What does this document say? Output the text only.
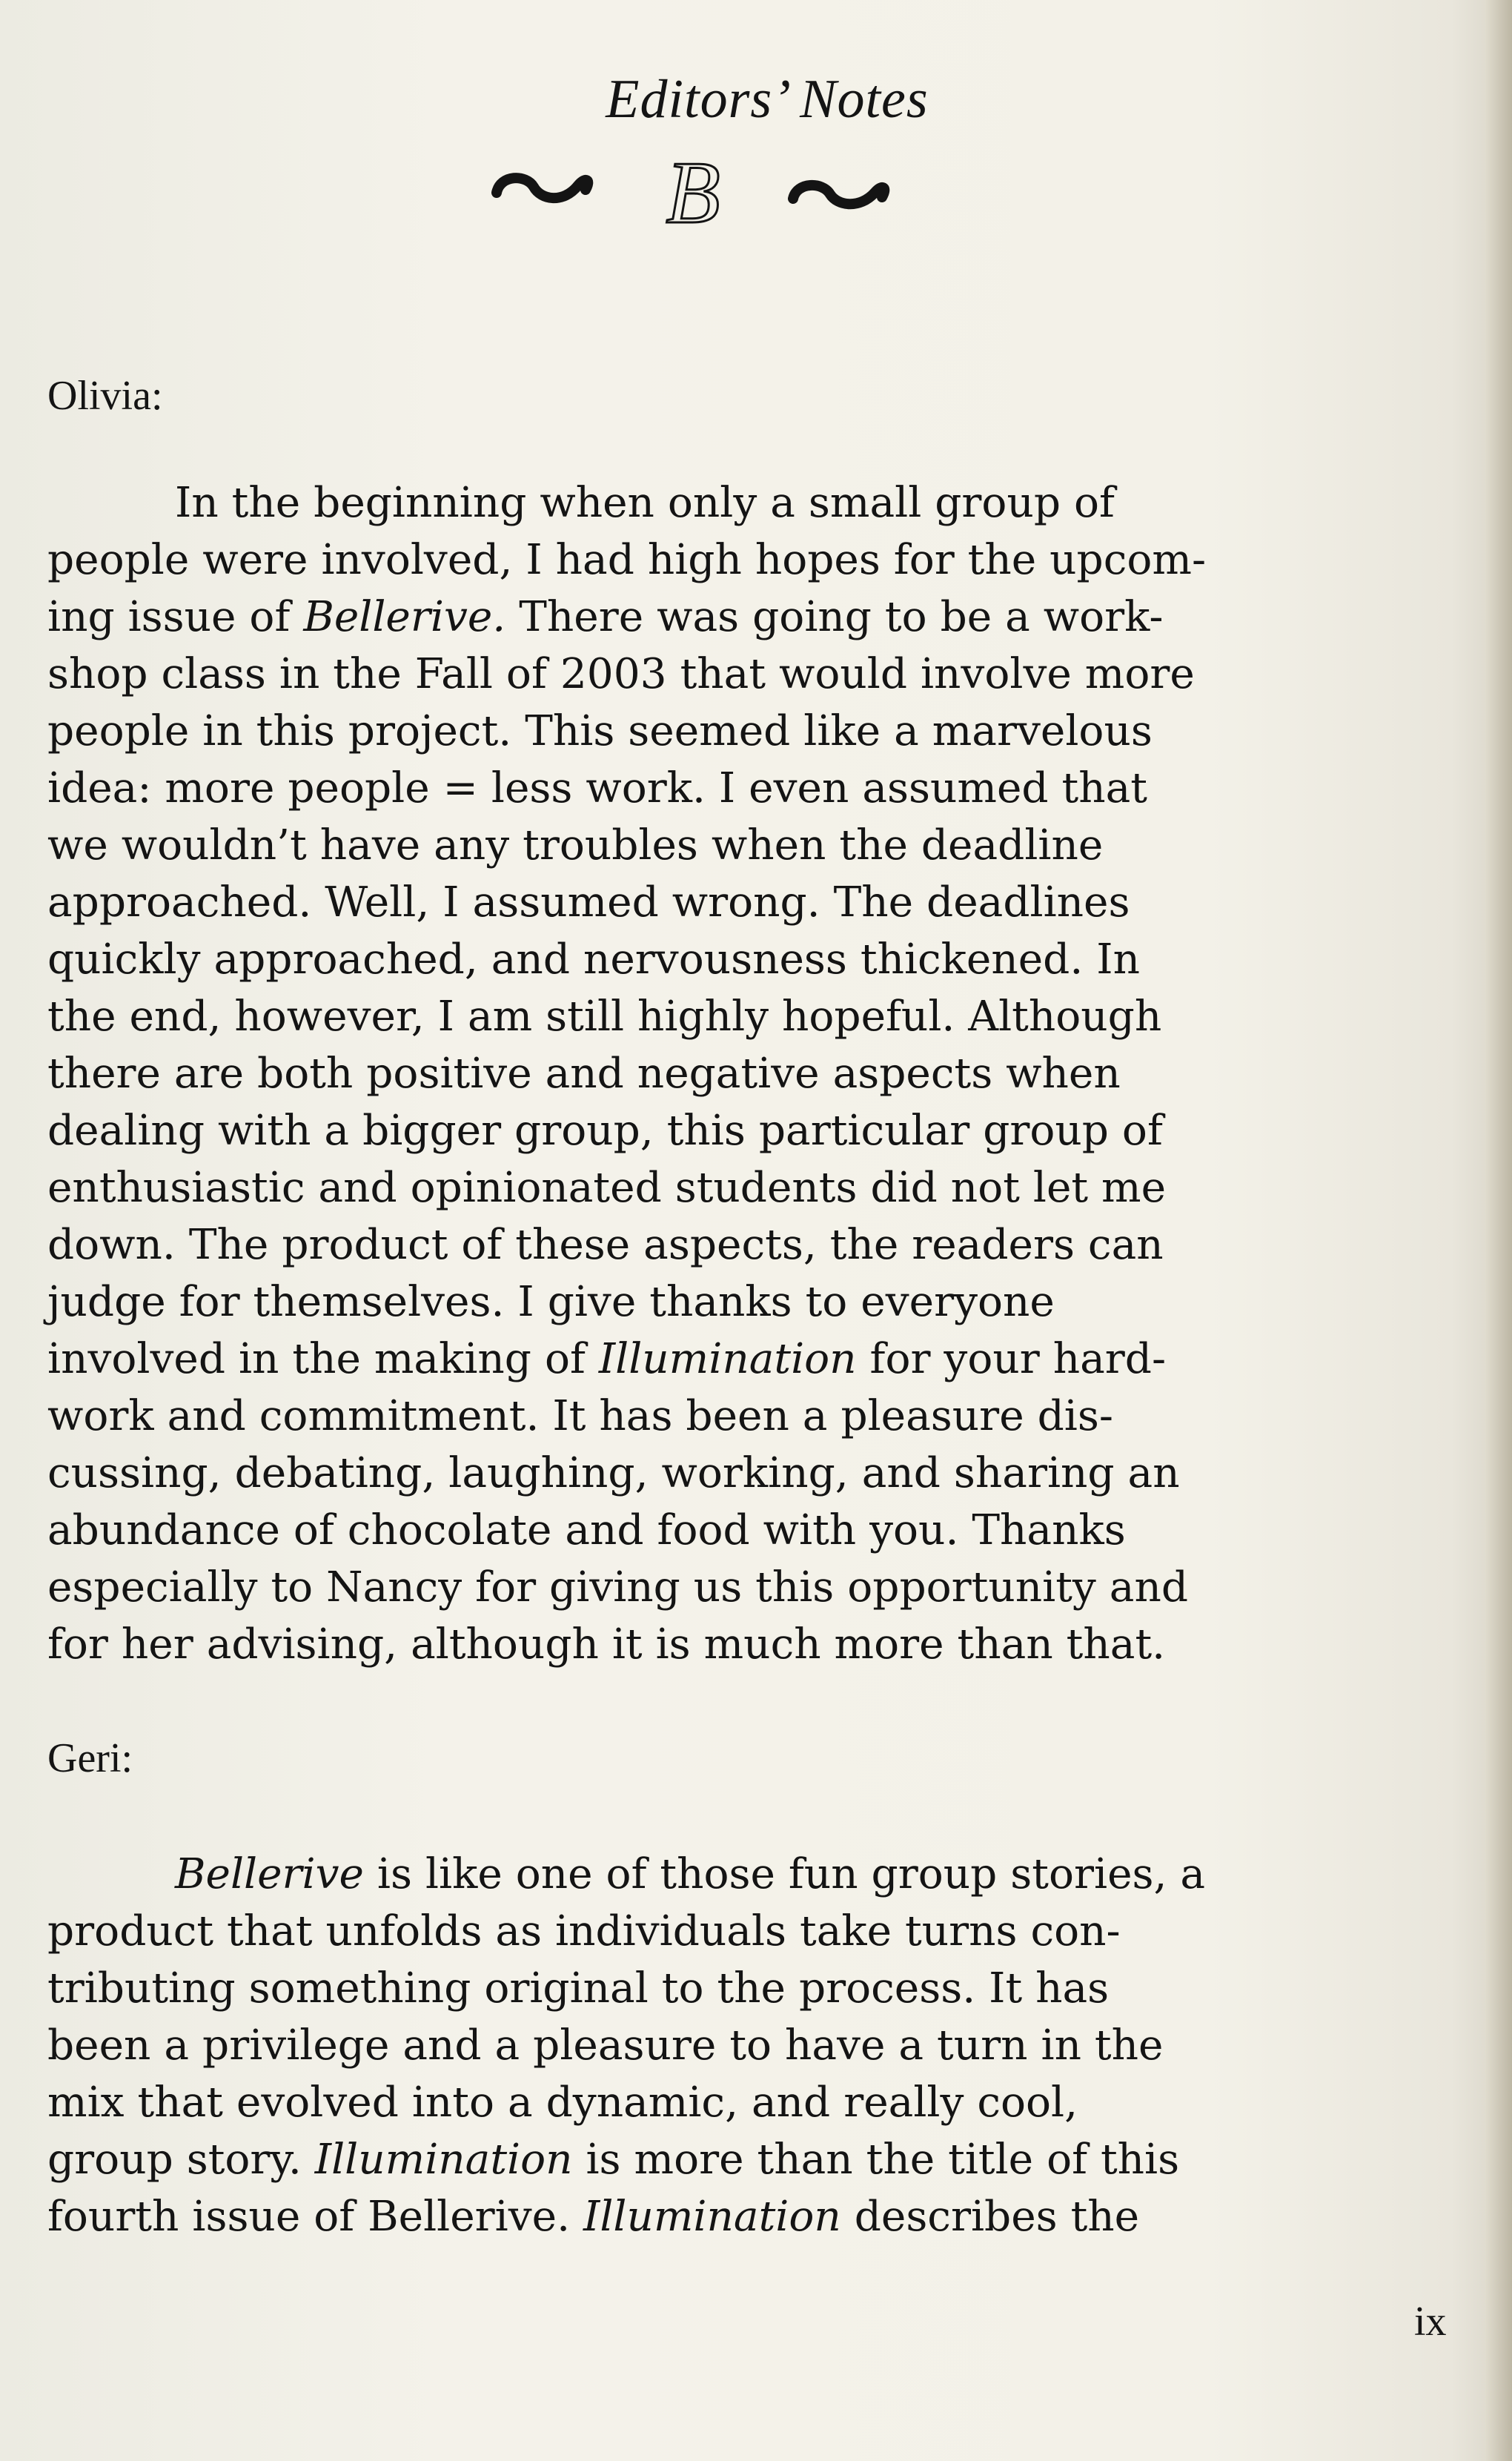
Editors’ Notes
B
Olivia:
In the beginning when only a small group of
people were involved, I had high hopes for the upcom-
ing issue of Bellerive. There was going to be a work-
shop class in the Fall of 2003 that would involve more
people in this project. This seemed like a marvelous
idea: more people = less work. I even assumed that
we wouldn’t have any troubles when the deadline
approached. Well, I assumed wrong. The deadlines
quickly approached, and nervousness thickened. In
the end, however, I am still highly hopeful. Although
there are both positive and negative aspects when
dealing with a bigger group, this particular group of
enthusiastic and opinionated students did not let me
down. The product of these aspects, the readers can
judge for themselves. I give thanks to everyone
involved in the making of Illumination for your hard-
work and commitment. It has been a pleasure dis-
cussing, debating, laughing, working, and sharing an
abundance of chocolate and food with you. Thanks
especially to Nancy for giving us this opportunity and
for her advising, although it is much more than that.
Geri:
Bellerive is like one of those fun group stories, a
product that unfolds as individuals take turns con-
tributing something original to the process. It has
been a privilege and a pleasure to have a turn in the
mix that evolved into a dynamic, and really cool,
group story. Illumination is more than the title of this
fourth issue of Bellerive. Illumination describes the
ix
